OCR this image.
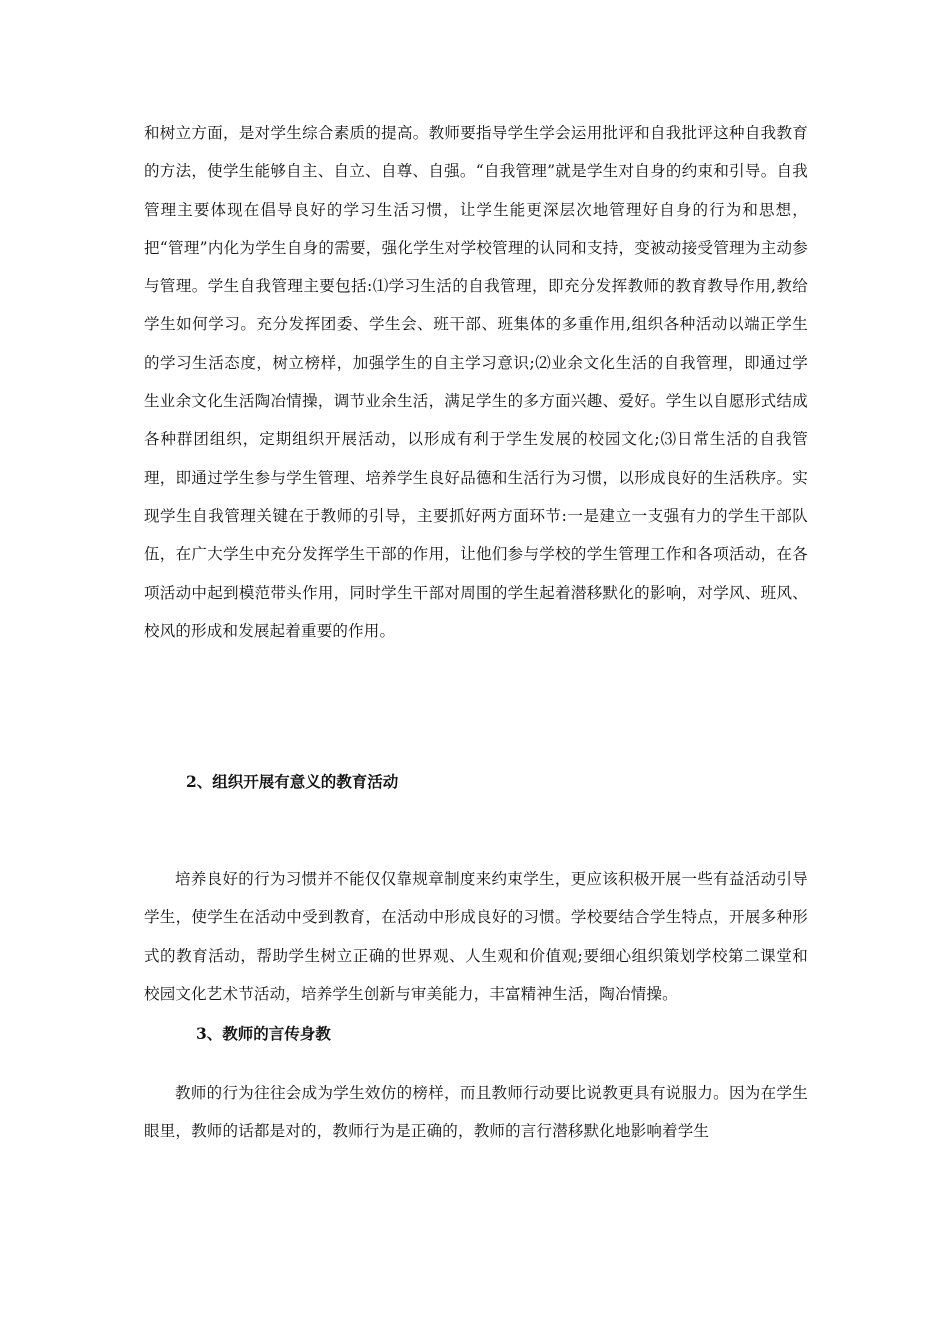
和树立方面，是对学生综合素质的提高。教师要指导学生学会运用批评和自我批评这种自我教育的方法，使学生能够自主、自立、自尊、自强。“自我管理”就是学生对自身的约束和引导。自我管理主要体现在倡导良好的学习生活习惯，让学生能更深层次地管理好自身的行为和思想，把“管理”内化为学生自身的需要，强化学生对学校管理的认同和支持，变被动接受管理为主动参与管理。学生自我管理主要包括:⑴学习生活的自我管理，即充分发挥教师的教育教导作用,教给学生如何学习。充分发挥团委、学生会、班干部、班集体的多重作用,组织各种活动以端正学生的学习生活态度，树立榜样，加强学生的自主学习意识;⑵业余文化生活的自我管理，即通过学生业余文化生活陶冶情操，调节业余生活，满足学生的多方面兴趣、爱好。学生以自愿形式结成各种群团组织，定期组织开展活动，以形成有利于学生发展的校园文化;⑶日常生活的自我管理，即通过学生参与学生管理、培养学生良好品德和生活行为习惯，以形成良好的生活秩序。实现学生自我管理关键在于教师的引导，主要抓好两方面环节:一是建立一支强有力的学生干部队伍，在广大学生中充分发挥学生干部的作用，让他们参与学校的学生管理工作和各项活动，在各项活动中起到模范带头作用，同时学生干部对周围的学生起着潜移默化的影响，对学风、班风、校风的形成和发展起着重要的作用。

2、组织开展有意义的教育活动

培养良好的行为习惯并不能仅仅靠规章制度来约束学生，更应该积极开展一些有益活动引导学生，使学生在活动中受到教育，在活动中形成良好的习惯。学校要结合学生特点，开展多种形式的教育活动，帮助学生树立正确的世界观、人生观和价值观;要细心组织策划学校第二课堂和校园文化艺术节活动，培养学生创新与审美能力，丰富精神生活，陶冶情操。

3、教师的言传身教

教师的行为往往会成为学生效仿的榜样，而且教师行动要比说教更具有说服力。因为在学生眼里，教师的话都是对的，教师行为是正确的，教师的言行潜移默化地影响着学生
